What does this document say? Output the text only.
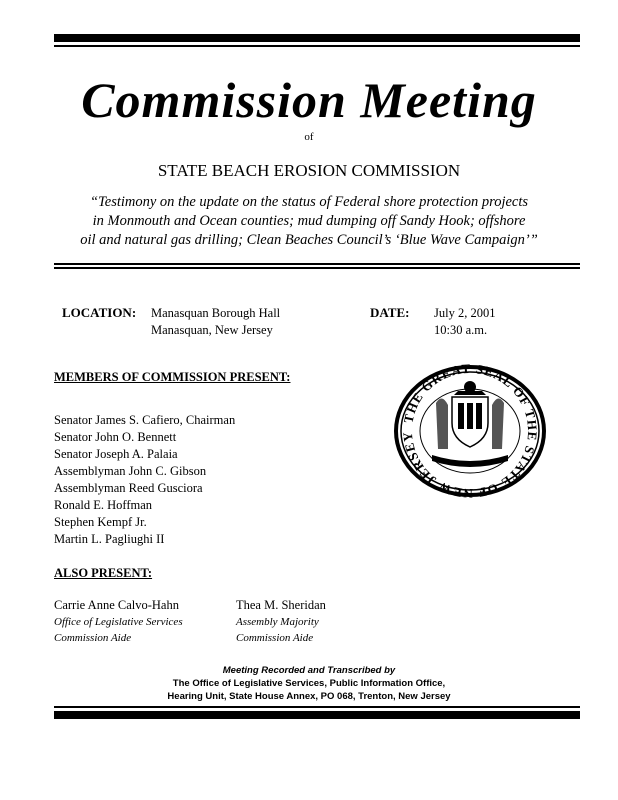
Commission Meeting
of
STATE BEACH EROSION COMMISSION
“Testimony on the update on the status of Federal shore protection projects
in Monmouth and Ocean counties; mud dumping off Sandy Hook; offshore
oil and natural gas drilling; Clean Beaches Council’s ‘Blue Wave Campaign’”
LOCATION: Manasquan Borough Hall
Manasquan, New Jersey
DATE: July 2, 2001
10:30 a.m.
MEMBERS OF COMMISSION PRESENT:
Senator James S. Cafiero, Chairman
Senator John O. Bennett
Senator Joseph A. Palaia
Assemblyman John C. Gibson
Assemblyman Reed Gusciora
Ronald E. Hoffman
Stephen Kempf Jr.
Martin L. Pagliughi II
THE GREAT SEAL OF THE STATE OF NEW JERSEY
ALSO PRESENT:
Carrie Anne Calvo-Hahn
Office of Legislative Services
Commission Aide
Thea M. Sheridan
Assembly Majority
Commission Aide
Meeting Recorded and Transcribed by
The Office of Legislative Services, Public Information Office,
Hearing Unit, State House Annex, PO 068, Trenton, New Jersey
